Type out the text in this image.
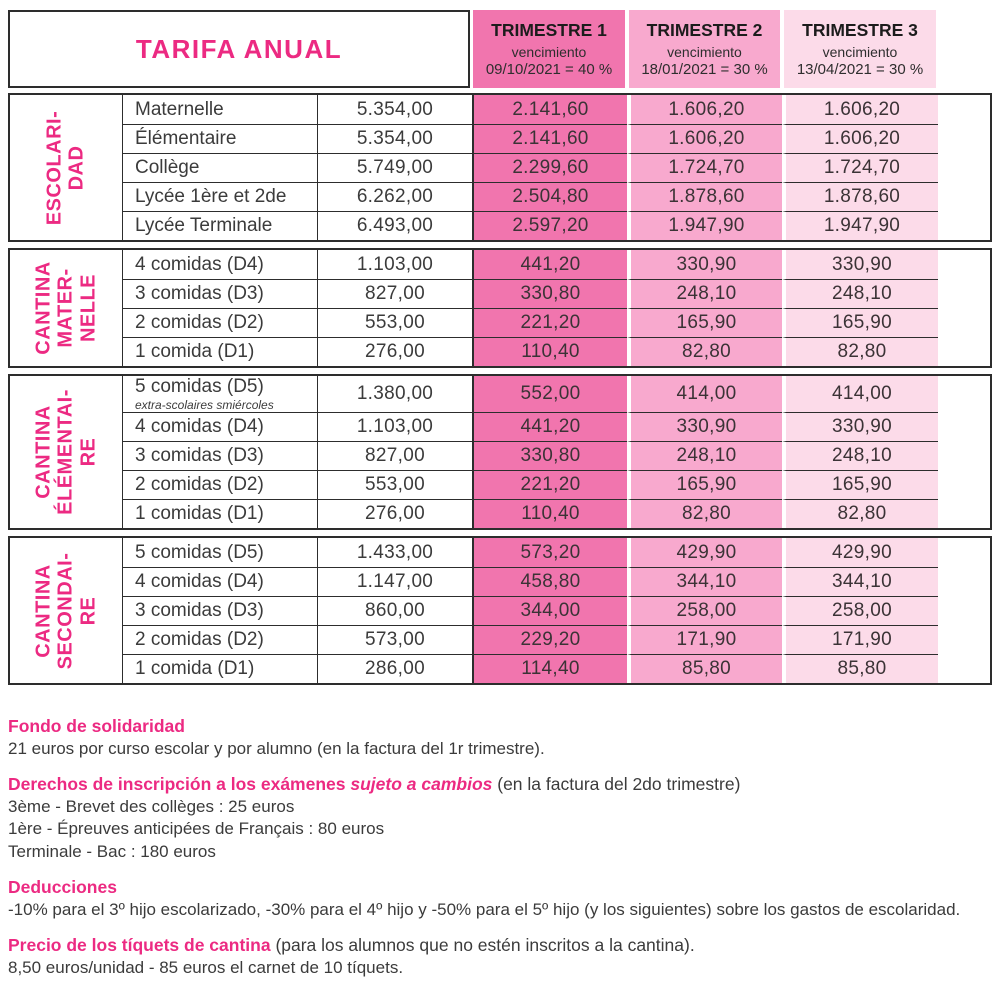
TARIFA ANUAL
TRIMESTRE 1
vencimiento
09/10/2021 = 40 %
TRIMESTRE 2
vencimiento
18/01/2021 = 30 %
TRIMESTRE 3
vencimiento
13/04/2021 = 30 %
ESCOLARI-
DAD
Maternelle	5.354,00	2.141,60	1.606,20	1.606,20
Élémentaire	5.354,00	2.141,60	1.606,20	1.606,20
Collège	5.749,00	2.299,60	1.724,70	1.724,70
Lycée 1ère et 2de	6.262,00	2.504,80	1.878,60	1.878,60
Lycée Terminale	6.493,00	2.597,20	1.947,90	1.947,90
CANTINA
MATER-
NELLE
4 comidas (D4)	1.103,00	441,20	330,90	330,90
3 comidas (D3)	827,00	330,80	248,10	248,10
2 comidas (D2)	553,00	221,20	165,90	165,90
1 comida (D1)	276,00	110,40	82,80	82,80
CANTINA
ÉLÉMENTAI-
RE
5 comidas (D5)
extra-scolaires smiércoles
1.380,00	552,00	414,00	414,00
4 comidas (D4)	1.103,00	441,20	330,90	330,90
3 comidas (D3)	827,00	330,80	248,10	248,10
2 comidas (D2)	553,00	221,20	165,90	165,90
1 comidas (D1)	276,00	110,40	82,80	82,80
CANTINA
SECONDAI-
RE
5 comidas (D5)	1.433,00	573,20	429,90	429,90
4 comidas (D4)	1.147,00	458,80	344,10	344,10
3 comidas (D3)	860,00	344,00	258,00	258,00
2 comidas (D2)	573,00	229,20	171,90	171,90
1 comida (D1)	286,00	114,40	85,80	85,80
Fondo de solidaridad
21 euros por curso escolar y por alumno (en la factura del 1r trimestre).
Derechos de inscripción a los exámenes sujeto a cambios (en la factura del 2do trimestre)
3ème - Brevet des collèges : 25 euros
1ère - Épreuves anticipées de Français : 80 euros
Terminale - Bac : 180 euros
Deducciones
-10% para el 3º hijo escolarizado, -30% para el 4º hijo y -50% para el 5º hijo (y los siguientes) sobre los gastos de escolaridad.
Precio de los tíquets de cantina (para los alumnos que no estén inscritos a la cantina).
8,50 euros/unidad - 85 euros el carnet de 10 tíquets.
